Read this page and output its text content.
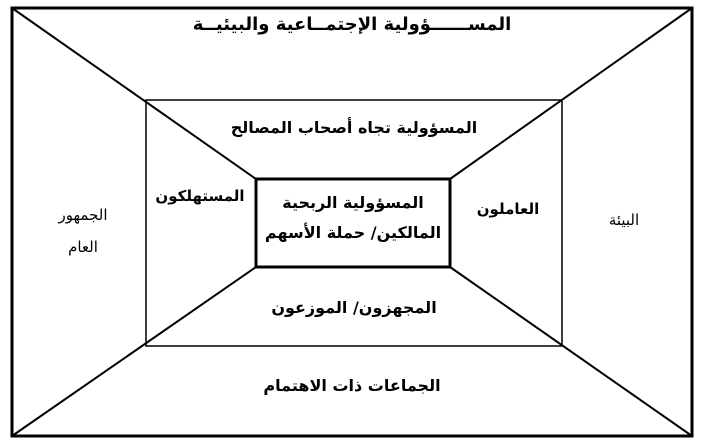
المســــــؤولية الإجتمــاعية والبيئيــة
المسؤولية تجاه أصحاب المصالح
المسؤولية الربحية
المالكين/ حملة الأسهم
المستهلكون
العاملون
المجهزون/ الموزعون
الجمهور
العام
البيئة
الجماعات ذات الاهتمام
